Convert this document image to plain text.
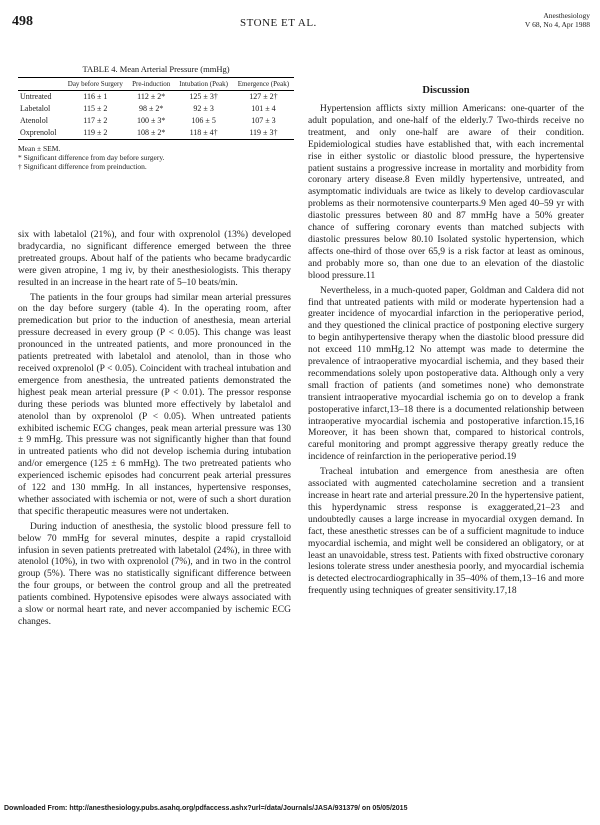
498	STONE ET AL.
Anesthesiology
V 68, No 4, Apr 1988
TABLE 4. Mean Arterial Pressure (mmHg)
	Day before Surgery	Pre-induction	Intubation (Peak)	Emergence (Peak)
Untreated	116 ± 1	112 ± 2*	125 ± 3†	127 ± 2†
Labetalol	115 ± 2	98 ± 2*	92 ± 3	101 ± 4
Atenolol	117 ± 2	100 ± 3*	106 ± 5	107 ± 3
Oxprenolol	119 ± 2	108 ± 2*	118 ± 4†	119 ± 3†
Mean ± SEM.
* Significant difference from day before surgery.
† Significant difference from preinduction.

six with labetalol (21%), and four with oxprenolol (13%) developed bradycardia, no significant difference emerged between the three pretreated groups. About half of the patients who became bradycardic were given atropine, 1 mg iv, by their anesthesiologists. This therapy resulted in an increase in the heart rate of 5–10 beats/min.

The patients in the four groups had similar mean arterial pressures on the day before surgery (table 4). In the operating room, after premedication but prior to the induction of anesthesia, mean arterial pressure decreased in every group (P < 0.05). This change was least pronounced in the untreated patients, and more pronounced in the patients pretreated with labetalol and atenolol, than in those who received oxprenolol (P < 0.05). Coincident with tracheal intubation and emergence from anesthesia, the untreated patients demonstrated the highest peak mean arterial pressure (P < 0.01). The pressor response during these periods was blunted more effectively by labetalol and atenolol than by oxprenolol (P < 0.05). When untreated patients exhibited ischemic ECG changes, peak mean arterial pressure was 130 ± 9 mmHg. This pressure was not significantly higher than that found in untreated patients who did not develop ischemia during intubation and/or emergence (125 ± 6 mmHg). The two pretreated patients who experienced ischemic episodes had concurrent peak arterial pressures of 122 and 130 mmHg. In all instances, hypertensive responses, whether associated with ischemia or not, were of such a short duration that specific therapeutic measures were not undertaken.

During induction of anesthesia, the systolic blood pressure fell to below 70 mmHg for several minutes, despite a rapid crystalloid infusion in seven patients pretreated with labetalol (24%), in three with atenolol (10%), in two with oxprenolol (7%), and in two in the control group (5%). There was no statistically significant difference between the four groups, or between the control group and all the pretreated patients combined. Hypotensive episodes were always associated with a slow or normal heart rate, and never accompanied by ischemic ECG changes.

Discussion

Hypertension afflicts sixty million Americans: one-quarter of the adult population, and one-half of the elderly.7 Two-thirds receive no treatment, and only one-half are aware of their condition. Epidemiological studies have established that, with each incremental rise in either systolic or diastolic blood pressure, the hypertensive patient sustains a progressive increase in mortality and morbidity from coronary artery disease.8 Even mildly hypertensive, untreated, and asymptomatic individuals are twice as likely to develop cardiovascular problems as their normotensive counterparts.9 Men aged 40–59 yr with diastolic pressures between 80 and 87 mmHg have a 50% greater chance of suffering coronary events than matched subjects with diastolic pressures below 80.10 Isolated systolic hypertension, which affects one-third of those over 65,9 is a risk factor at least as ominous, and probably more so, than one due to an elevation of the diastolic blood pressure.11

Nevertheless, in a much-quoted paper, Goldman and Caldera did not find that untreated patients with mild or moderate hypertension had a greater incidence of myocardial infarction in the perioperative period, and they questioned the clinical practice of postponing elective surgery to begin antihypertensive therapy when the diastolic blood pressure did not exceed 110 mmHg.12 No attempt was made to determine the prevalence of intraoperative myocardial ischemia, and they based their recommendations solely upon postoperative data. Although only a very small fraction of patients (and sometimes none) who demonstrate transient intraoperative myocardial ischemia go on to develop a frank postoperative infarct,13–18 there is a documented relationship between intraoperative myocardial ischemia and postoperative infarction.15,16 Moreover, it has been shown that, compared to historical controls, careful monitoring and prompt aggressive therapy greatly reduce the incidence of reinfarction in the perioperative period.19

Tracheal intubation and emergence from anesthesia are often associated with augmented catecholamine secretion and a transient increase in heart rate and arterial pressure.20 In the hypertensive patient, this hyperdynamic stress response is exaggerated,21–23 and undoubtedly causes a large increase in myocardial oxygen demand. In fact, these anesthetic stresses can be of a sufficient magnitude to induce myocardial ischemia, and might well be considered an obligatory, or at least an unavoidable, stress test. Patients with fixed obstructive coronary lesions tolerate stress under anesthesia poorly, and myocardial ischemia is detected electrocardiographically in 35–40% of them,13–16 and more frequently using techniques of greater sensitivity.17,18

Downloaded From: http://anesthesiology.pubs.asahq.org/pdfaccess.ashx?url=/data/Journals/JASA/931379/ on 05/05/2015
